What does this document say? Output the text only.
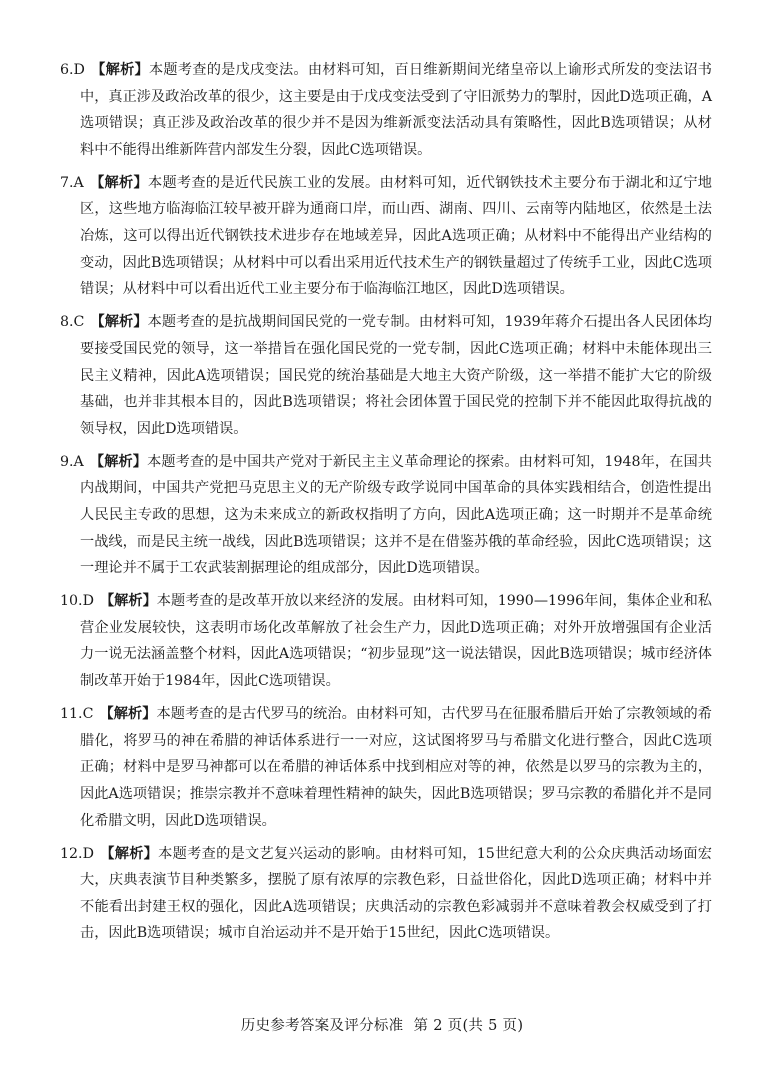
6.D 【解析】本题考查的是戊戌变法。由材料可知，百日维新期间光绪皇帝以上谕形式所发的变法诏书中，真正涉及政治改革的很少，这主要是由于戊戌变法受到了守旧派势力的掣肘，因此D选项正确，A选项错误；真正涉及政治改革的很少并不是因为维新派变法活动具有策略性，因此B选项错误；从材料中不能得出维新阵营内部发生分裂，因此C选项错误。

7.A 【解析】本题考查的是近代民族工业的发展。由材料可知，近代钢铁技术主要分布于湖北和辽宁地区，这些地方临海临江较早被开辟为通商口岸，而山西、湖南、四川、云南等内陆地区，依然是土法冶炼，这可以得出近代钢铁技术进步存在地域差异，因此A选项正确；从材料中不能得出产业结构的变动，因此B选项错误；从材料中可以看出采用近代技术生产的钢铁量超过了传统手工业，因此C选项错误；从材料中可以看出近代工业主要分布于临海临江地区，因此D选项错误。

8.C 【解析】本题考查的是抗战期间国民党的一党专制。由材料可知，1939年蒋介石提出各人民团体均要接受国民党的领导，这一举措旨在强化国民党的一党专制，因此C选项正确；材料中未能体现出三民主义精神，因此A选项错误；国民党的统治基础是大地主大资产阶级，这一举措不能扩大它的阶级基础，也并非其根本目的，因此B选项错误；将社会团体置于国民党的控制下并不能因此取得抗战的领导权，因此D选项错误。

9.A 【解析】本题考查的是中国共产党对于新民主主义革命理论的探索。由材料可知，1948年，在国共内战期间，中国共产党把马克思主义的无产阶级专政学说同中国革命的具体实践相结合，创造性提出人民民主专政的思想，这为未来成立的新政权指明了方向，因此A选项正确；这一时期并不是革命统一战线，而是民主统一战线，因此B选项错误；这并不是在借鉴苏俄的革命经验，因此C选项错误；这一理论并不属于工农武装割据理论的组成部分，因此D选项错误。

10.D 【解析】本题考查的是改革开放以来经济的发展。由材料可知，1990—1996年间，集体企业和私营企业发展较快，这表明市场化改革解放了社会生产力，因此D选项正确；对外开放增强国有企业活力一说无法涵盖整个材料，因此A选项错误；“初步显现”这一说法错误，因此B选项错误；城市经济体制改革开始于1984年，因此C选项错误。

11.C 【解析】本题考查的是古代罗马的统治。由材料可知，古代罗马在征服希腊后开始了宗教领域的希腊化，将罗马的神在希腊的神话体系进行一一对应，这试图将罗马与希腊文化进行整合，因此C选项正确；材料中是罗马神都可以在希腊的神话体系中找到相应对等的神，依然是以罗马的宗教为主的，因此A选项错误；推崇宗教并不意味着理性精神的缺失，因此B选项错误；罗马宗教的希腊化并不是同化希腊文明，因此D选项错误。

12.D 【解析】本题考查的是文艺复兴运动的影响。由材料可知，15世纪意大利的公众庆典活动场面宏大，庆典表演节目种类繁多，摆脱了原有浓厚的宗教色彩，日益世俗化，因此D选项正确；材料中并不能看出封建王权的强化，因此A选项错误；庆典活动的宗教色彩减弱并不意味着教会权威受到了打击，因此B选项错误；城市自治运动并不是开始于15世纪，因此C选项错误。

历史参考答案及评分标准 第 2 页(共 5 页)
